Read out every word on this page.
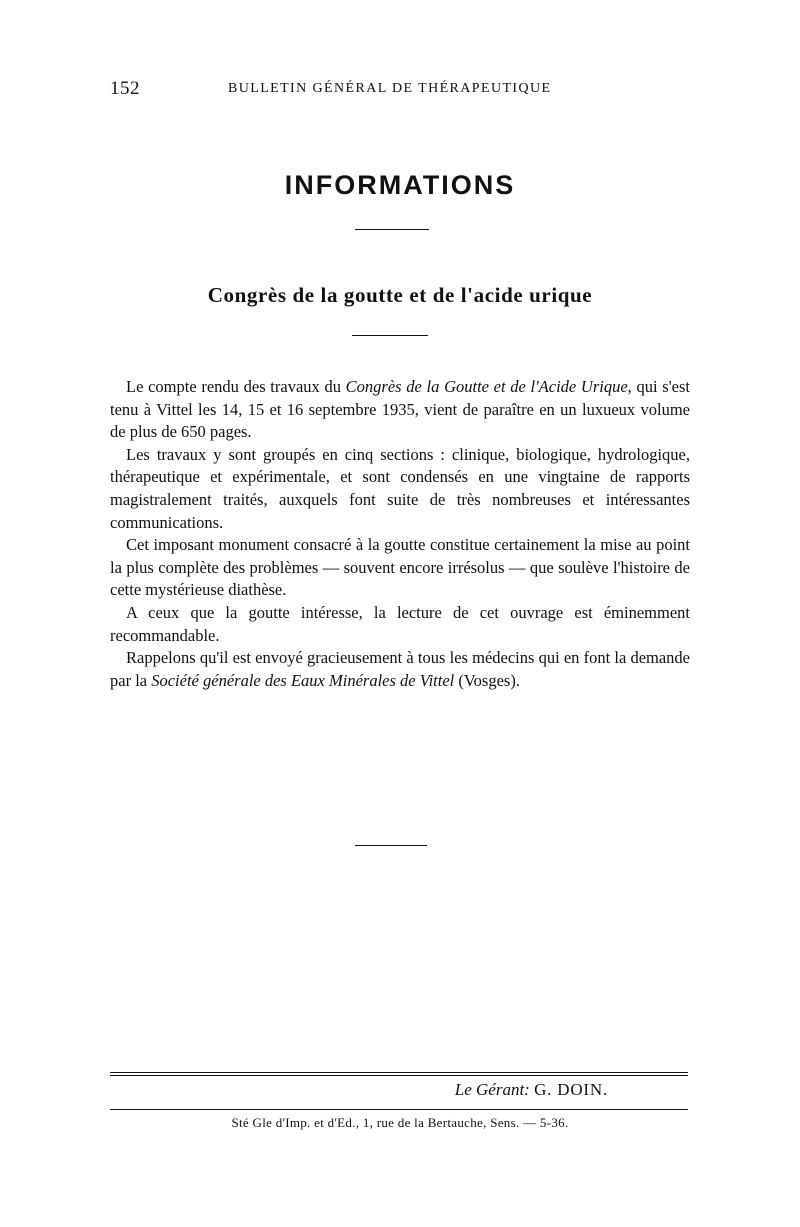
152	BULLETIN GÉNÉRAL DE THÉRAPEUTIQUE
INFORMATIONS
Congrès de la goutte et de l'acide urique

Le compte rendu des travaux du Congrès de la Goutte et de l'Acide Urique, qui s'est tenu à Vittel les 14, 15 et 16 septembre 1935, vient de paraître en un luxueux volume de plus de 650 pages.

Les travaux y sont groupés en cinq sections : clinique, biologique, hydrologique, thérapeutique et expérimentale, et sont condensés en une vingtaine de rapports magistralement traités, auxquels font suite de très nombreuses et intéressantes communications.

Cet imposant monument consacré à la goutte constitue certainement la mise au point la plus complète des problèmes — souvent encore irrésolus — que soulève l'histoire de cette mystérieuse diathèse.

A ceux que la goutte intéresse, la lecture de cet ouvrage est éminemment recommandable.

Rappelons qu'il est envoyé gracieusement à tous les médecins qui en font la demande par la Société générale des Eaux Minérales de Vittel (Vosges).

Le Gérant: G. DOIN.
Sté Gle d'Imp. et d'Ed., 1, rue de la Bertauche, Sens. — 5-36.
